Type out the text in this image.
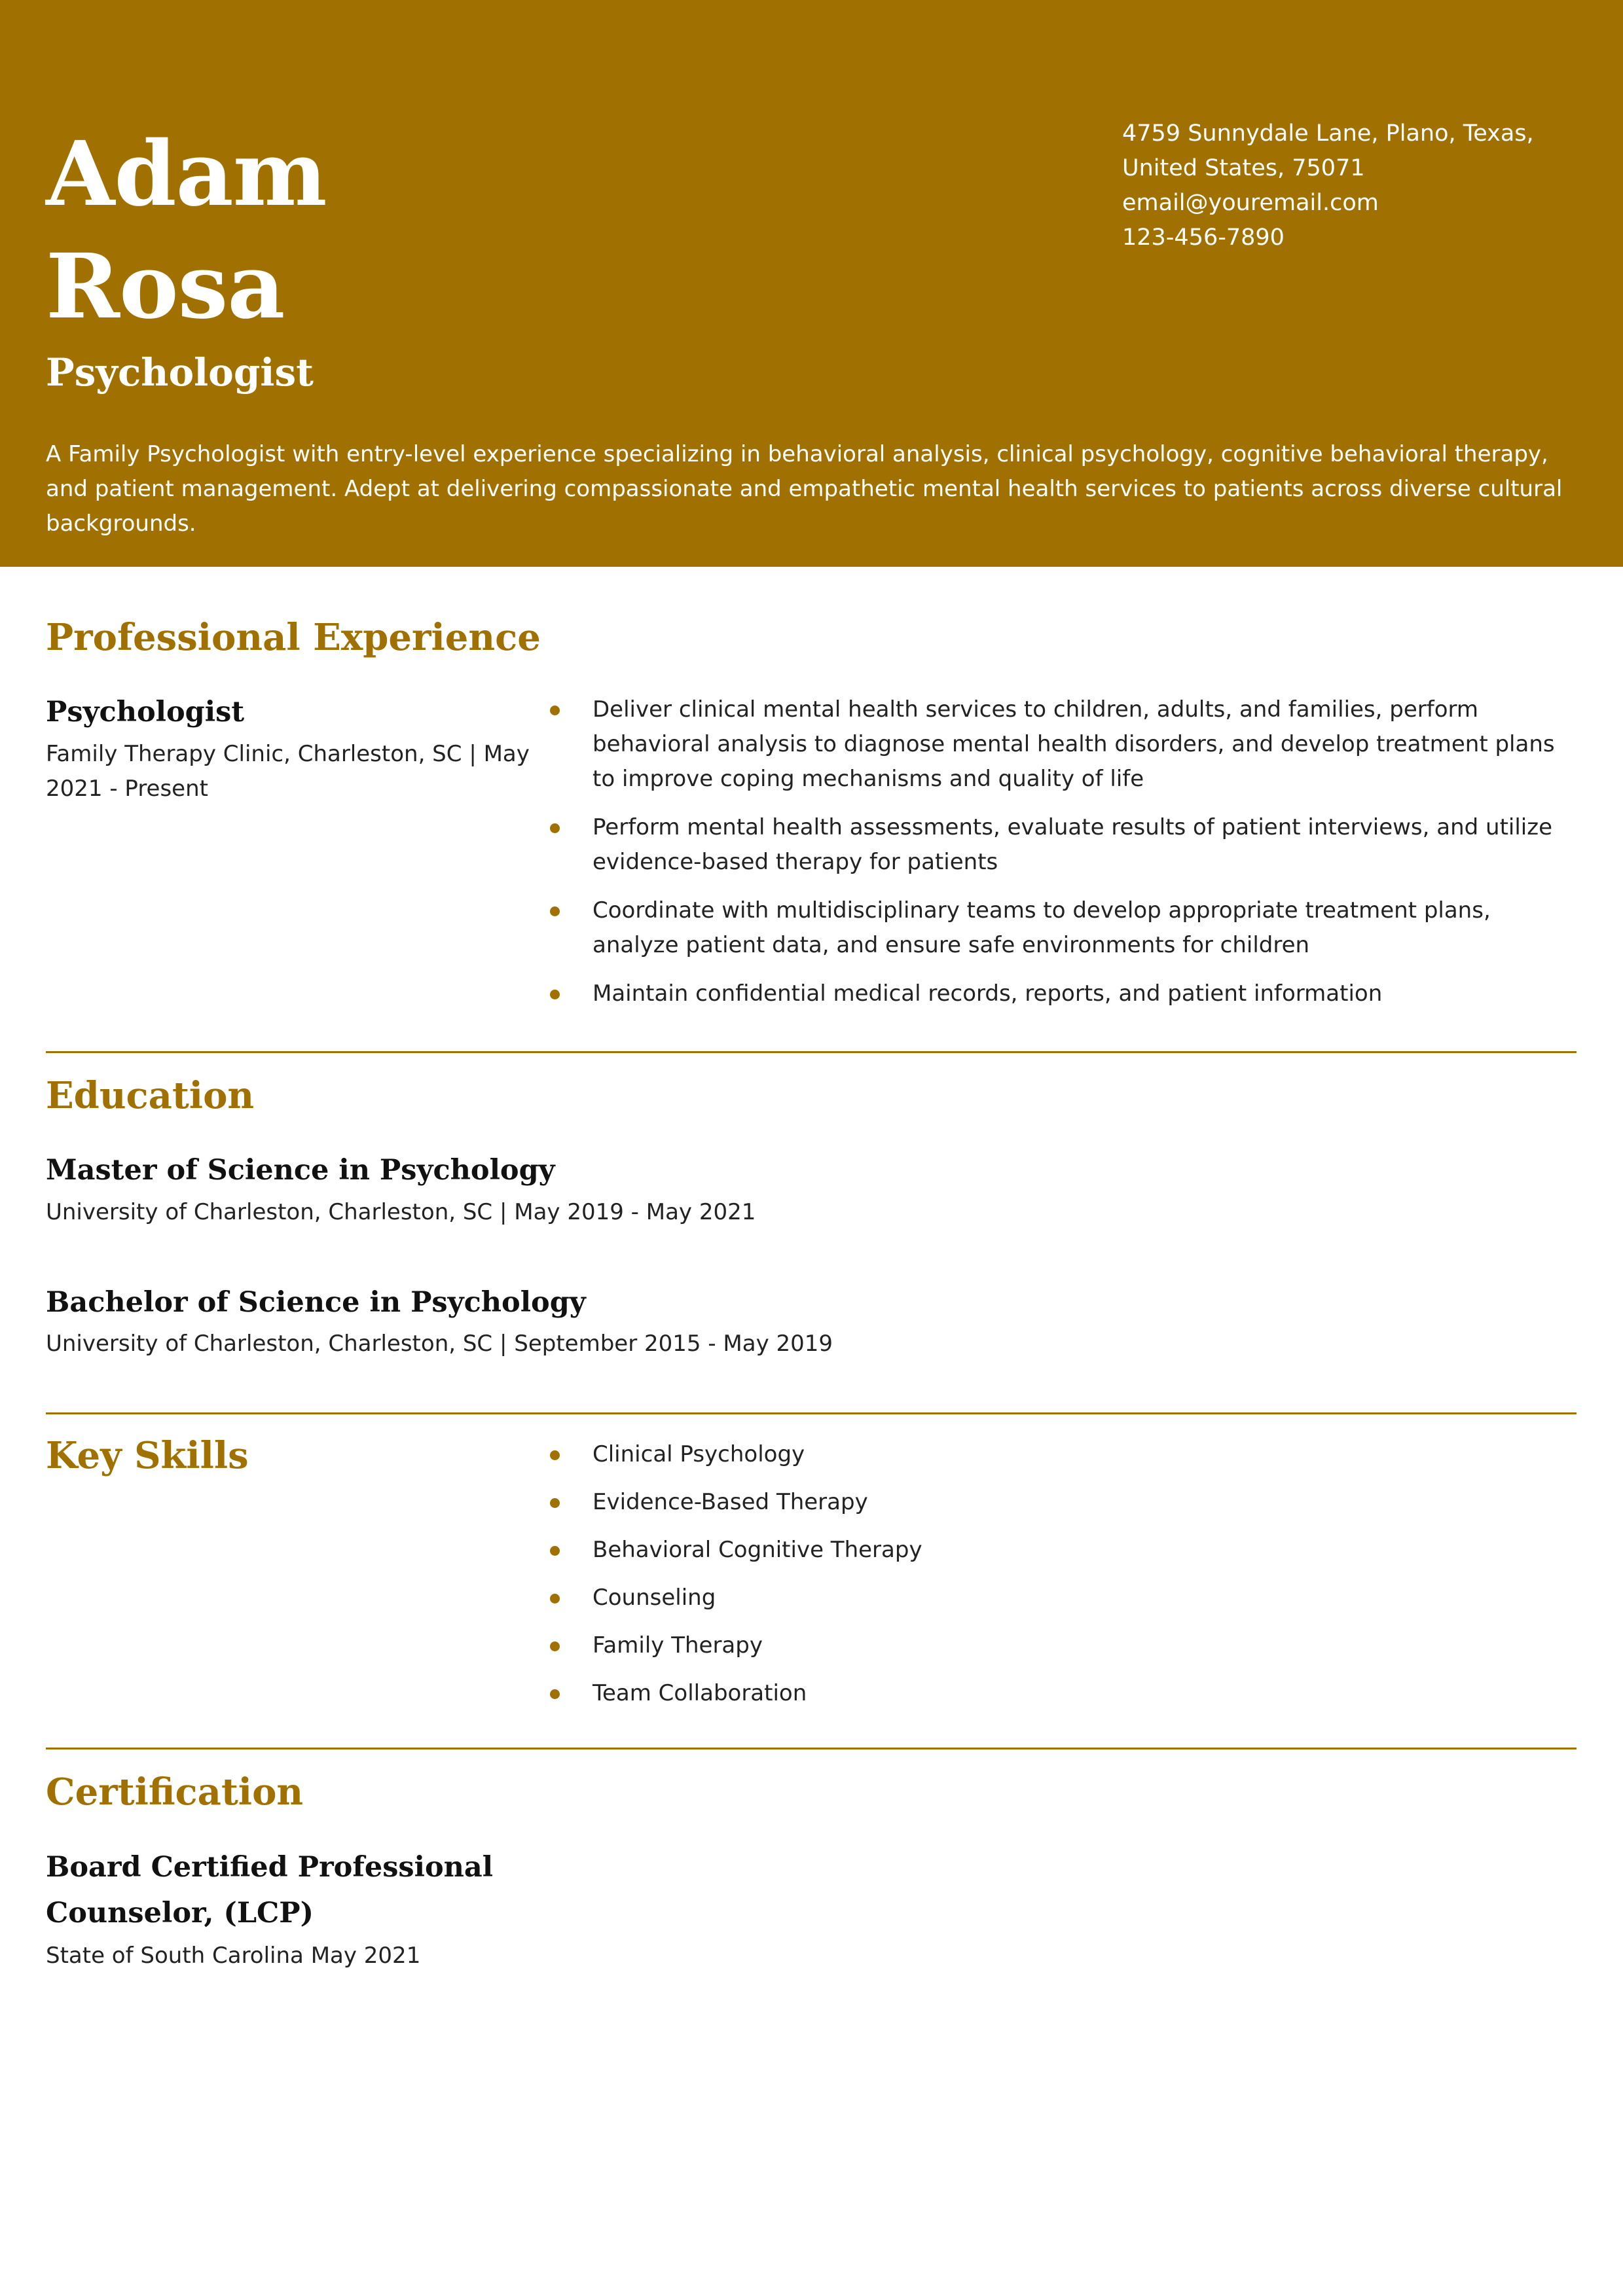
Adam
Rosa
Psychologist
4759 Sunnydale Lane, Plano, Texas,
United States, 75071
email@youremail.com
123-456-7890

A Family Psychologist with entry-level experience specializing in behavioral analysis, clinical psychology, cognitive behavioral therapy, and patient management. Adept at delivering compassionate and empathetic mental health services to patients across diverse cultural backgrounds.

Professional Experience
Psychologist
Family Therapy Clinic, Charleston, SC | May
2021 - Present
Deliver clinical mental health services to children, adults, and families, perform behavioral analysis to diagnose mental health disorders, and develop treatment plans to improve coping mechanisms and quality of life
Perform mental health assessments, evaluate results of patient interviews, and utilize evidence-based therapy for patients
Coordinate with multidisciplinary teams to develop appropriate treatment plans, analyze patient data, and ensure safe environments for children
Maintain confidential medical records, reports, and patient information
Education
Master of Science in Psychology
University of Charleston, Charleston, SC | May 2019 - May 2021
Bachelor of Science in Psychology
University of Charleston, Charleston, SC | September 2015 - May 2019
Key Skills	Clinical Psychology
Evidence-Based Therapy
Behavioral Cognitive Therapy
Counseling
Family Therapy
Team Collaboration
Certification
Board Certified Professional
Counselor, (LCP)
State of South Carolina May 2021
